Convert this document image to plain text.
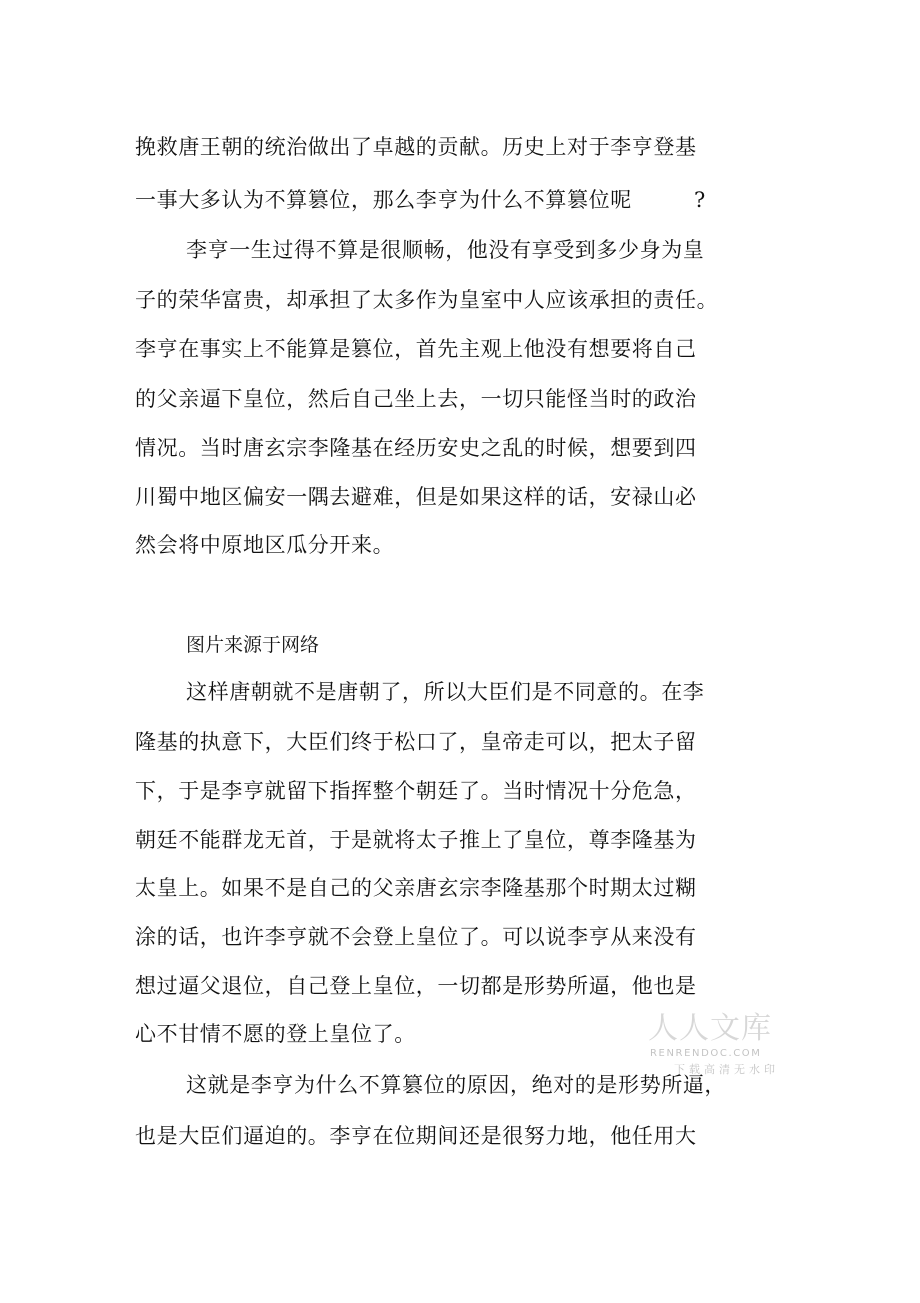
挽救唐王朝的统治做出了卓越的贡献。历史上对于李亨登基
一事大多认为不算篡位，那么李亨为什么不算篡位呢	?
李亨一生过得不算是很顺畅，他没有享受到多少身为皇
子的荣华富贵，却承担了太多作为皇室中人应该承担的责任。
李亨在事实上不能算是篡位，首先主观上他没有想要将自己
的父亲逼下皇位，然后自己坐上去，一切只能怪当时的政治
情况。当时唐玄宗李隆基在经历安史之乱的时候，想要到四
川蜀中地区偏安一隅去避难，但是如果这样的话，安禄山必
然会将中原地区瓜分开来。
图片来源于网络
这样唐朝就不是唐朝了，所以大臣们是不同意的。在李
隆基的执意下，大臣们终于松口了，皇帝走可以，把太子留
下，于是李亨就留下指挥整个朝廷了。当时情况十分危急，
朝廷不能群龙无首，于是就将太子推上了皇位，尊李隆基为
太皇上。如果不是自己的父亲唐玄宗李隆基那个时期太过糊
涂的话，也许李亨就不会登上皇位了。可以说李亨从来没有
想过逼父退位，自己登上皇位，一切都是形势所逼，他也是
心不甘情不愿的登上皇位了。
这就是李亨为什么不算篡位的原因，绝对的是形势所逼，
也是大臣们逼迫的。李亨在位期间还是很努力地，他任用大
人人文库
RENRENDOC.COM
下载高清无水印
